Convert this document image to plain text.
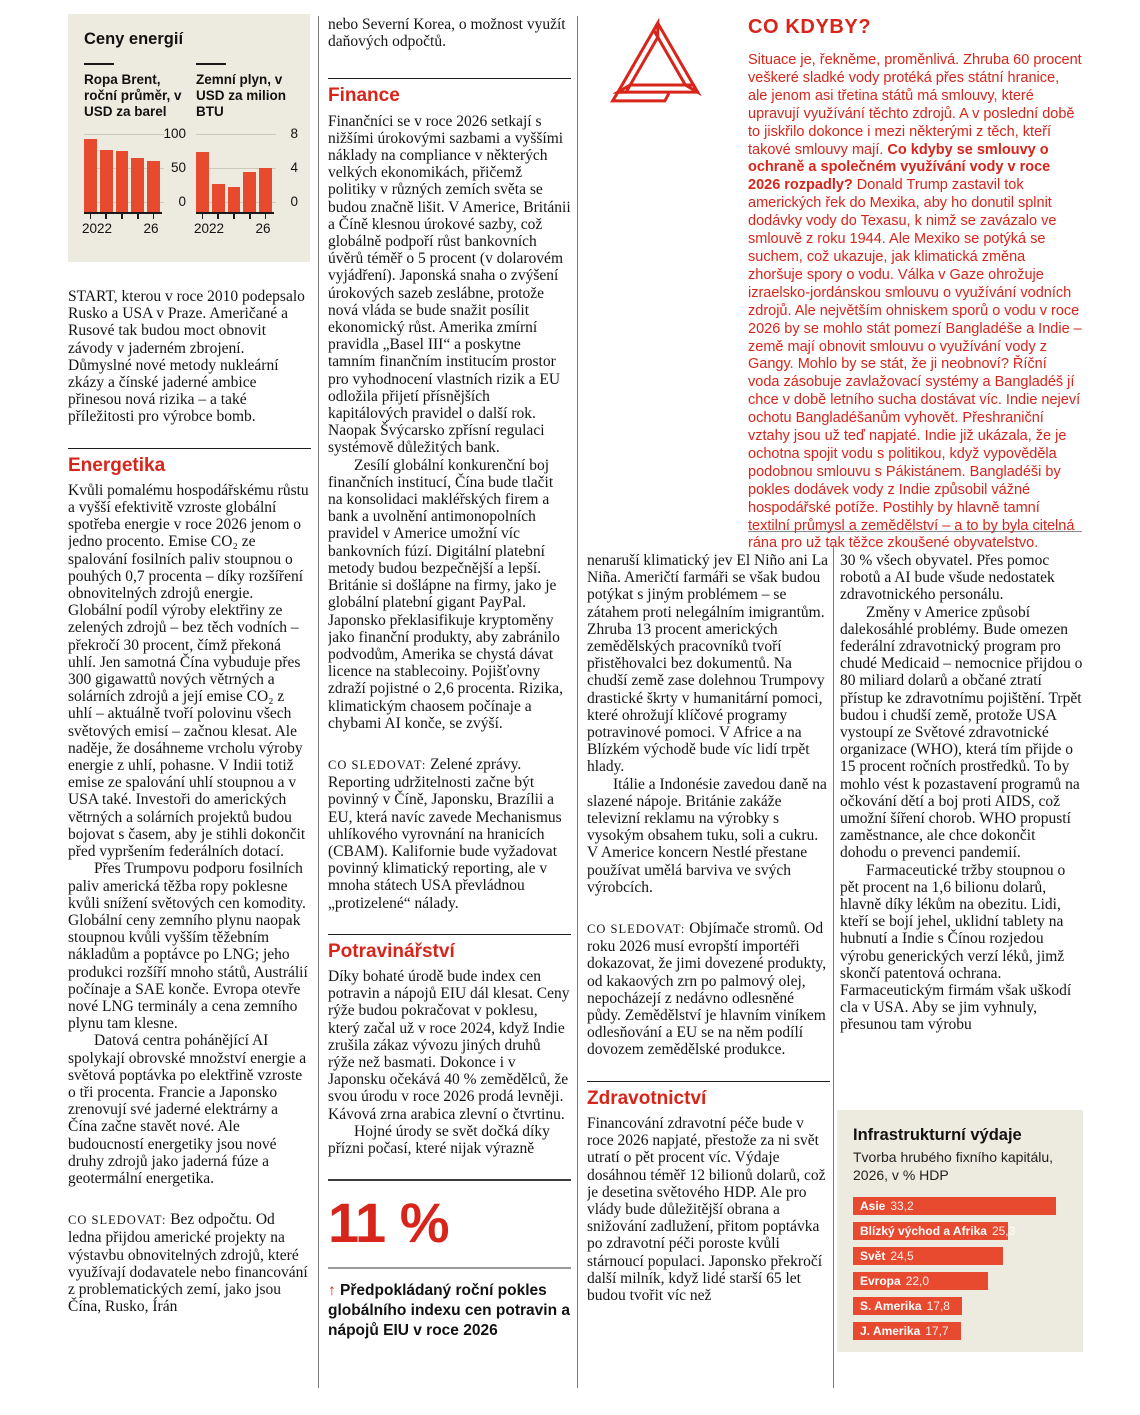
Ceny energií
Ropa Brent, roční průměr, v USD za barel
100
50
0
2022 26
Zemní plyn, v USD za milion BTU
8
4
0
2022 26

START, kterou v roce 2010 podepsalo Rusko a USA v Praze. Američané a Rusové tak budou moct obnovit závody v jaderném zbrojení. Důmyslné nové metody nukleární zkázy a čínské jaderné ambice přinesou nová rizika – a také příležitosti pro výrobce bomb.

Energetika

Kvůli pomalému hospodářskému růstu a vyšší efektivitě vzroste globální spotřeba energie v roce 2026 jenom o jedno procento. Emise CO₂ ze spalování fosilních paliv stoupnou o pouhých 0,7 procenta – díky rozšíření obnovitelných zdrojů energie. Globální podíl výroby elektřiny ze zelených zdrojů – bez těch vodních – překročí 30 procent, čímž překoná uhlí. Jen samotná Čína vybuduje přes 300 gigawattů nových větrných a solárních zdrojů a její emise CO₂ z uhlí – aktuálně tvoří polovinu všech světových emisí – začnou klesat. Ale naděje, že dosáhneme vrcholu výroby energie z uhlí, pohasne. V Indii totiž emise ze spalování uhlí stoupnou a v USA také. Investoři do amerických větrných a solárních projektů budou bojovat s časem, aby je stihli dokončit před vypršením federálních dotací.

Přes Trumpovu podporu fosilních paliv americká těžba ropy poklesne kvůli snížení světových cen komodity. Globální ceny zemního plynu naopak stoupnou kvůli vyšším těžebním nákladům a poptávce po LNG; jeho produkci rozšíří mnoho států, Austrálií počínaje a SAE konče. Evropa otevře nové LNG terminály a cena zemního plynu tam klesne.

Datová centra pohánějící AI spolykají obrovské množství energie a světová poptávka po elektřině vzroste o tři procenta. Francie a Japonsko zrenovují své jaderné elektrárny a Čína začne stavět nové. Ale budoucností energetiky jsou nové druhy zdrojů jako jaderná fúze a geotermální energetika.

CO SLEDOVAT: Bez odpočtu. Od ledna přijdou americké projekty na výstavbu obnovitelných zdrojů, které využívají dodavatele nebo financování z problematických zemí, jako jsou Čína, Rusko, Írán

nebo Severní Korea, o možnost využít daňových odpočtů.

Finance

Finančníci se v roce 2026 setkají s nižšími úrokovými sazbami a vyššími náklady na compliance v některých velkých ekonomikách, přičemž politiky v různých zemích světa se budou značně lišit. V Americe, Británii a Číně klesnou úrokové sazby, což globálně podpoří růst bankovních úvěrů téměř o 5 procent (v dolarovém vyjádření). Japonská snaha o zvýšení úrokových sazeb zeslábne, protože nová vláda se bude snažit posílit ekonomický růst. Amerika zmírní pravidla „Basel III“ a poskytne tamním finančním institucím prostor pro vyhodnocení vlastních rizik a EU odložila přijetí přísnějších kapitálových pravidel o další rok. Naopak Švýcarsko zpřísní regulaci systémově důležitých bank.

Zesílí globální konkurenční boj finančních institucí, Čína bude tlačit na konsolidaci makléřských firem a bank a uvolnění antimonopolních pravidel v Americe umožní víc bankovních fúzí. Digitální platební metody budou bezpečnější a lepší. Británie si došlápne na firmy, jako je globální platební gigant PayPal. Japonsko překlasifikuje kryptoměny jako finanční produkty, aby zabránilo podvodům, Amerika se chystá dávat licence na stablecoiny. Pojišťovny zdraží pojistné o 2,6 procenta. Rizika, klimatickým chaosem počínaje a chybami AI konče, se zvýší.

CO SLEDOVAT: Zelené zprávy. Reporting udržitelnosti začne být povinný v Číně, Japonsku, Brazílii a EU, která navíc zavede Mechanismus uhlíkového vyrovnání na hranicích (CBAM). Kalifornie bude vyžadovat povinný klimatický reporting, ale v mnoha státech USA převládnou „protizelené“ nálady.

Potravinářství

Díky bohaté úrodě bude index cen potravin a nápojů EIU dál klesat. Ceny rýže budou pokračovat v poklesu, který začal už v roce 2024, když Indie zrušila zákaz vývozu jiných druhů rýže než basmati. Dokonce i v Japonsku očekává 40 % zemědělců, že svou úrodu v roce 2026 prodá levněji. Kávová zrna arabica zlevní o čtvrtinu.

Hojné úrody se svět dočká díky přízni počasí, které nijak výrazně

11 %
↑ Předpokládaný roční pokles globálního indexu cen potravin a nápojů EIU v roce 2026

nenaruší klimatický jev El Niño ani La Niña. Američtí farmáři se však budou potýkat s jiným problémem – se zátahem proti nelegálním imigrantům. Zhruba 13 procent amerických zemědělských pracovníků tvoří přistěhovalci bez dokumentů. Na chudší země zase dolehnou Trumpovy drastické škrty v humanitární pomoci, které ohrožují klíčové programy potravinové pomoci. V Africe a na Blízkém východě bude víc lidí trpět hlady.

Itálie a Indonésie zavedou daně na slazené nápoje. Británie zakáže televizní reklamu na výrobky s vysokým obsahem tuku, soli a cukru. V Americe koncern Nestlé přestane používat umělá barviva ve svých výrobcích.

CO SLEDOVAT: Objímače stromů. Od roku 2026 musí evropští importéři dokazovat, že jimi dovezené produkty, od kakaových zrn po palmový olej, nepocházejí z nedávno odlesněné půdy. Zemědělství je hlavním viníkem odlesňování a EU se na něm podílí dovozem zemědělské produkce.

Zdravotnictví

Financování zdravotní péče bude v roce 2026 napjaté, přestože za ni svět utratí o pět procent víc. Výdaje dosáhnou téměř 12 bilionů dolarů, což je desetina světového HDP. Ale pro vlády bude důležitější obrana a snižování zadlužení, přitom poptávka po zdravotní péči poroste kvůli stárnoucí populaci. Japonsko překročí další milník, když lidé starší 65 let budou tvořit víc než

CO KDYBY?

Situace je, řekněme, proměnlivá. Zhruba 60 procent veškeré sladké vody protéká přes státní hranice, ale jenom asi třetina států má smlouvy, které upravují využívání těchto zdrojů. A v poslední době to jiskřilo dokonce i mezi některými z těch, kteří takové smlouvy mají. Co kdyby se smlouvy o ochraně a společném využívání vody v roce 2026 rozpadly? Donald Trump zastavil tok amerických řek do Mexika, aby ho donutil splnit dodávky vody do Texasu, k nimž se zavázalo ve smlouvě z roku 1944. Ale Mexiko se potýká se suchem, což ukazuje, jak klimatická změna zhoršuje spory o vodu. Válka v Gaze ohrožuje izraelsko-jordánskou smlouvu o využívání vodních zdrojů. Ale největším ohniskem sporů o vodu v roce 2026 by se mohlo stát pomezí Bangladéše a Indie – země mají obnovit smlouvu o využívání vody z Gangy. Mohlo by se stát, že ji neobnoví? Říční voda zásobuje zavlažovací systémy a Bangladéš jí chce v době letního sucha dostávat víc. Indie nejeví ochotu Bangladéšanům vyhovět. Přeshraniční vztahy jsou už teď napjaté. Indie již ukázala, že je ochotna spojit vodu s politikou, když vypověděla podobnou smlouvu s Pákistánem. Bangladéši by pokles dodávek vody z Indie způsobil vážné hospodářské potíže. Postihly by hlavně tamní textilní průmysl a zemědělství – a to by byla citelná rána pro už tak těžce zkoušené obyvatelstvo.

30 % všech obyvatel. Přes pomoc robotů a AI bude všude nedostatek zdravotnického personálu.

Změny v Americe způsobí dalekosáhlé problémy. Bude omezen federální zdravotnický program pro chudé Medicaid – nemocnice přijdou o 80 miliard dolarů a občané ztratí přístup ke zdravotnímu pojištění. Trpět budou i chudší země, protože USA vystoupí ze Světové zdravotnické organizace (WHO), která tím přijde o 15 procent ročních prostředků. To by mohlo vést k pozastavení programů na očkování dětí a boj proti AIDS, což umožní šíření chorob. WHO propustí zaměstnance, ale chce dokončit dohodu o prevenci pandemií.

Farmaceutické tržby stoupnou o pět procent na 1,6 bilionu dolarů, hlavně díky lékům na obezitu. Lidi, kteří se bojí jehel, uklidní tablety na hubnutí a Indie s Čínou rozjedou výrobu generických verzí léků, jimž skončí patentová ochrana. Farmaceutickým firmám však uškodí cla v USA. Aby se jim vyhnuly, přesunou tam výrobu

Infrastrukturní výdaje
Tvorba hrubého fixního kapitálu, 2026, v % HDP
Asie 33,2
Blízký východ a Afrika 25,3
Svět 24,5
Evropa 22,0
S. Amerika 17,8
J. Amerika 17,7
